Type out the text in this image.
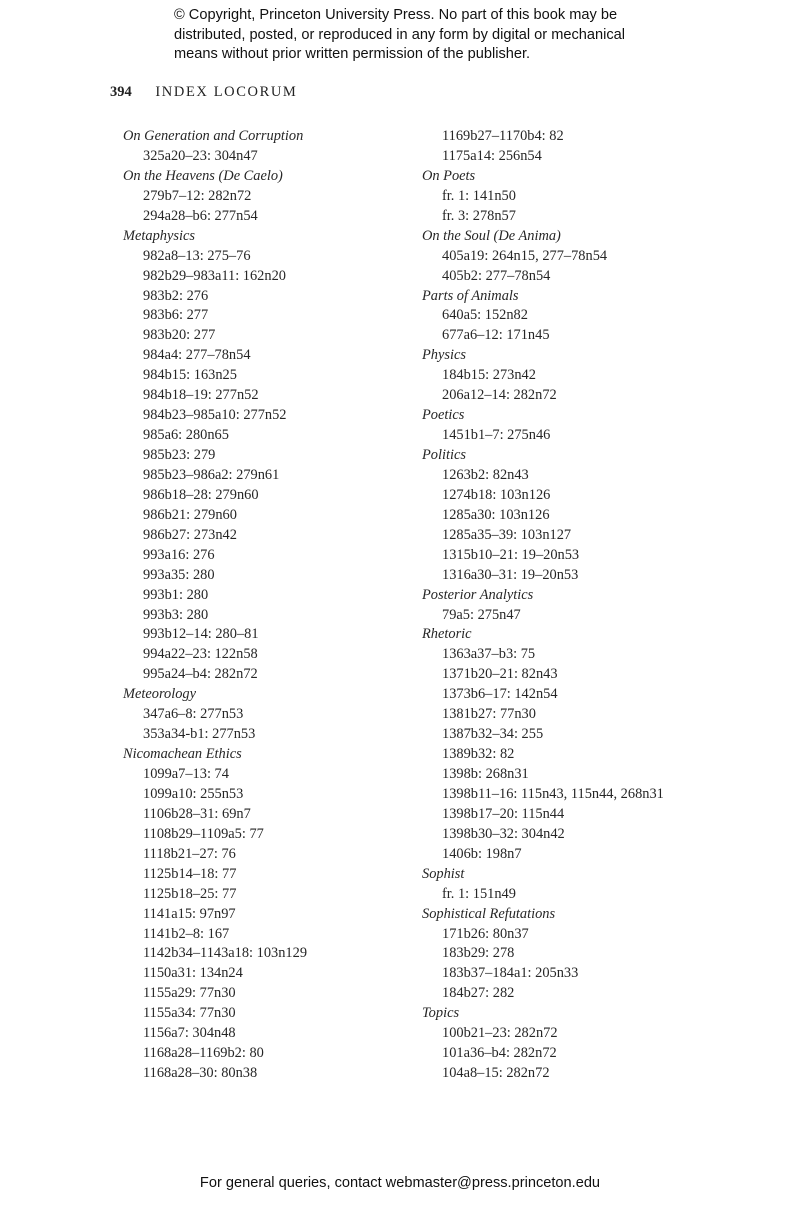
© Copyright, Princeton University Press. No part of this book may be
distributed, posted, or reproduced in any form by digital or mechanical
means without prior written permission of the publisher.
394 INDEX LOCORUM
On Generation and Corruption
325a20–23: 304n47
On the Heavens (De Caelo)
279b7–12: 282n72
294a28–b6: 277n54
Metaphysics
982a8–13: 275–76
982b29–983a11: 162n20
983b2: 276
983b6: 277
983b20: 277
984a4: 277–78n54
984b15: 163n25
984b18–19: 277n52
984b23–985a10: 277n52
985a6: 280n65
985b23: 279
985b23–986a2: 279n61
986b18–28: 279n60
986b21: 279n60
986b27: 273n42
993a16: 276
993a35: 280
993b1: 280
993b3: 280
993b12–14: 280–81
994a22–23: 122n58
995a24–b4: 282n72
Meteorology
347a6–8: 277n53
353a34-b1: 277n53
Nicomachean Ethics
1099a7–13: 74
1099a10: 255n53
1106b28–31: 69n7
1108b29–1109a5: 77
1118b21–27: 76
1125b14–18: 77
1125b18–25: 77
1141a15: 97n97
1141b2–8: 167
1142b34–1143a18: 103n129
1150a31: 134n24
1155a29: 77n30
1155a34: 77n30
1156a7: 304n48
1168a28–1169b2: 80
1168a28–30: 80n38
1169b27–1170b4: 82
1175a14: 256n54
On Poets
fr. 1: 141n50
fr. 3: 278n57
On the Soul (De Anima)
405a19: 264n15, 277–78n54
405b2: 277–78n54
Parts of Animals
640a5: 152n82
677a6–12: 171n45
Physics
184b15: 273n42
206a12–14: 282n72
Poetics
1451b1–7: 275n46
Politics
1263b2: 82n43
1274b18: 103n126
1285a30: 103n126
1285a35–39: 103n127
1315b10–21: 19–20n53
1316a30–31: 19–20n53
Posterior Analytics
79a5: 275n47
Rhetoric
1363a37–b3: 75
1371b20–21: 82n43
1373b6–17: 142n54
1381b27: 77n30
1387b32–34: 255
1389b32: 82
1398b: 268n31
1398b11–16: 115n43, 115n44, 268n31
1398b17–20: 115n44
1398b30–32: 304n42
1406b: 198n7
Sophist
fr. 1: 151n49
Sophistical Refutations
171b26: 80n37
183b29: 278
183b37–184a1: 205n33
184b27: 282
Topics
100b21–23: 282n72
101a36–b4: 282n72
104a8–15: 282n72
For general queries, contact webmaster@press.princeton.edu
